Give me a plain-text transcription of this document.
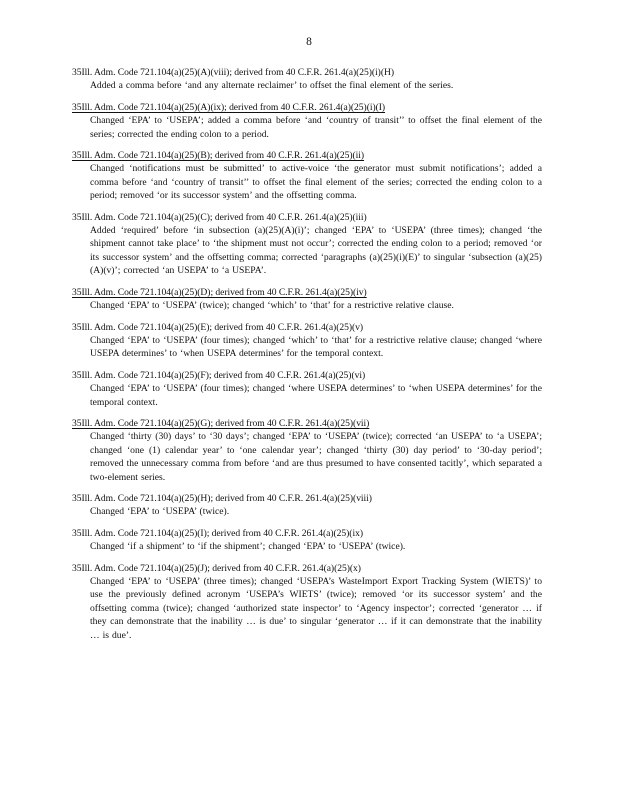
8
35Ill. Adm. Code 721.104(a)(25)(A)(viii); derived from 40 C.F.R. 261.4(a)(25)(i)(H)
Added a comma before ‘and any alternate reclaimer’ to offset the final element of the series.
35Ill. Adm. Code 721.104(a)(25)(A)(ix); derived from 40 C.F.R. 261.4(a)(25)(i)(I)
Changed ‘EPA’ to ‘USEPA’; added a comma before ‘and ‘country of transit’’ to offset the final element of the series; corrected the ending colon to a period.
35Ill. Adm. Code 721.104(a)(25)(B); derived from 40 C.F.R. 261.4(a)(25)(ii)
Changed ‘notifications must be submitted’ to active-voice ‘the generator must submit notifications’; added a comma before ‘and ‘country of transit’’ to offset the final element of the series; corrected the ending colon to a period; removed ‘or its successor system’ and the offsetting comma.
35Ill. Adm. Code 721.104(a)(25)(C); derived from 40 C.F.R. 261.4(a)(25)(iii)
Added ‘required’ before ‘in subsection (a)(25)(A)(i)’; changed ‘EPA’ to ‘USEPA’ (three times); changed ‘the shipment cannot take place’ to ‘the shipment must not occur’; corrected the ending colon to a period; removed ‘or its successor system’ and the offsetting comma; corrected ‘paragraphs (a)(25)(i)(E)’ to singular ‘subsection (a)(25)(A)(v)’; corrected ‘an USEPA’ to ‘a USEPA’.
35Ill. Adm. Code 721.104(a)(25)(D); derived from 40 C.F.R. 261.4(a)(25)(iv)
Changed ‘EPA’ to ‘USEPA’ (twice); changed ‘which’ to ‘that’ for a restrictive relative clause.
35Ill. Adm. Code 721.104(a)(25)(E); derived from 40 C.F.R. 261.4(a)(25)(v)
Changed ‘EPA’ to ‘USEPA’ (four times); changed ‘which’ to ‘that’ for a restrictive relative clause; changed ‘where USEPA determines’ to ‘when USEPA determines’ for the temporal context.
35Ill. Adm. Code 721.104(a)(25)(F); derived from 40 C.F.R. 261.4(a)(25)(vi)
Changed ‘EPA’ to ‘USEPA’ (four times); changed ‘where USEPA determines’ to ‘when USEPA determines’ for the temporal context.
35Ill. Adm. Code 721.104(a)(25)(G); derived from 40 C.F.R. 261.4(a)(25)(vii)
Changed ‘thirty (30) days’ to ‘30 days’; changed ‘EPA’ to ‘USEPA’ (twice); corrected ‘an USEPA’ to ‘a USEPA’; changed ‘one (1) calendar year’ to ‘one calendar year’; changed ‘thirty (30) day period’ to ‘30-day period’; removed the unnecessary comma from before ‘and are thus presumed to have consented tacitly’, which separated a two-element series.
35Ill. Adm. Code 721.104(a)(25)(H); derived from 40 C.F.R. 261.4(a)(25)(viii)
Changed ‘EPA’ to ‘USEPA’ (twice).
35Ill. Adm. Code 721.104(a)(25)(I); derived from 40 C.F.R. 261.4(a)(25)(ix)
Changed ‘if a shipment’ to ‘if the shipment’; changed ‘EPA’ to ‘USEPA’ (twice).
35Ill. Adm. Code 721.104(a)(25)(J); derived from 40 C.F.R. 261.4(a)(25)(x)
Changed ‘EPA’ to ‘USEPA’ (three times); changed ‘USEPA’s WasteImport Export Tracking System (WIETS)’ to use the previously defined acronym ‘USEPA’s WIETS’ (twice); removed ‘or its successor system’ and the offsetting comma (twice); changed ‘authorized state inspector’ to ‘Agency inspector’; corrected ‘generator … if they can demonstrate that the inability … is due’ to singular ‘generator … if it can demonstrate that the inability … is due’.
